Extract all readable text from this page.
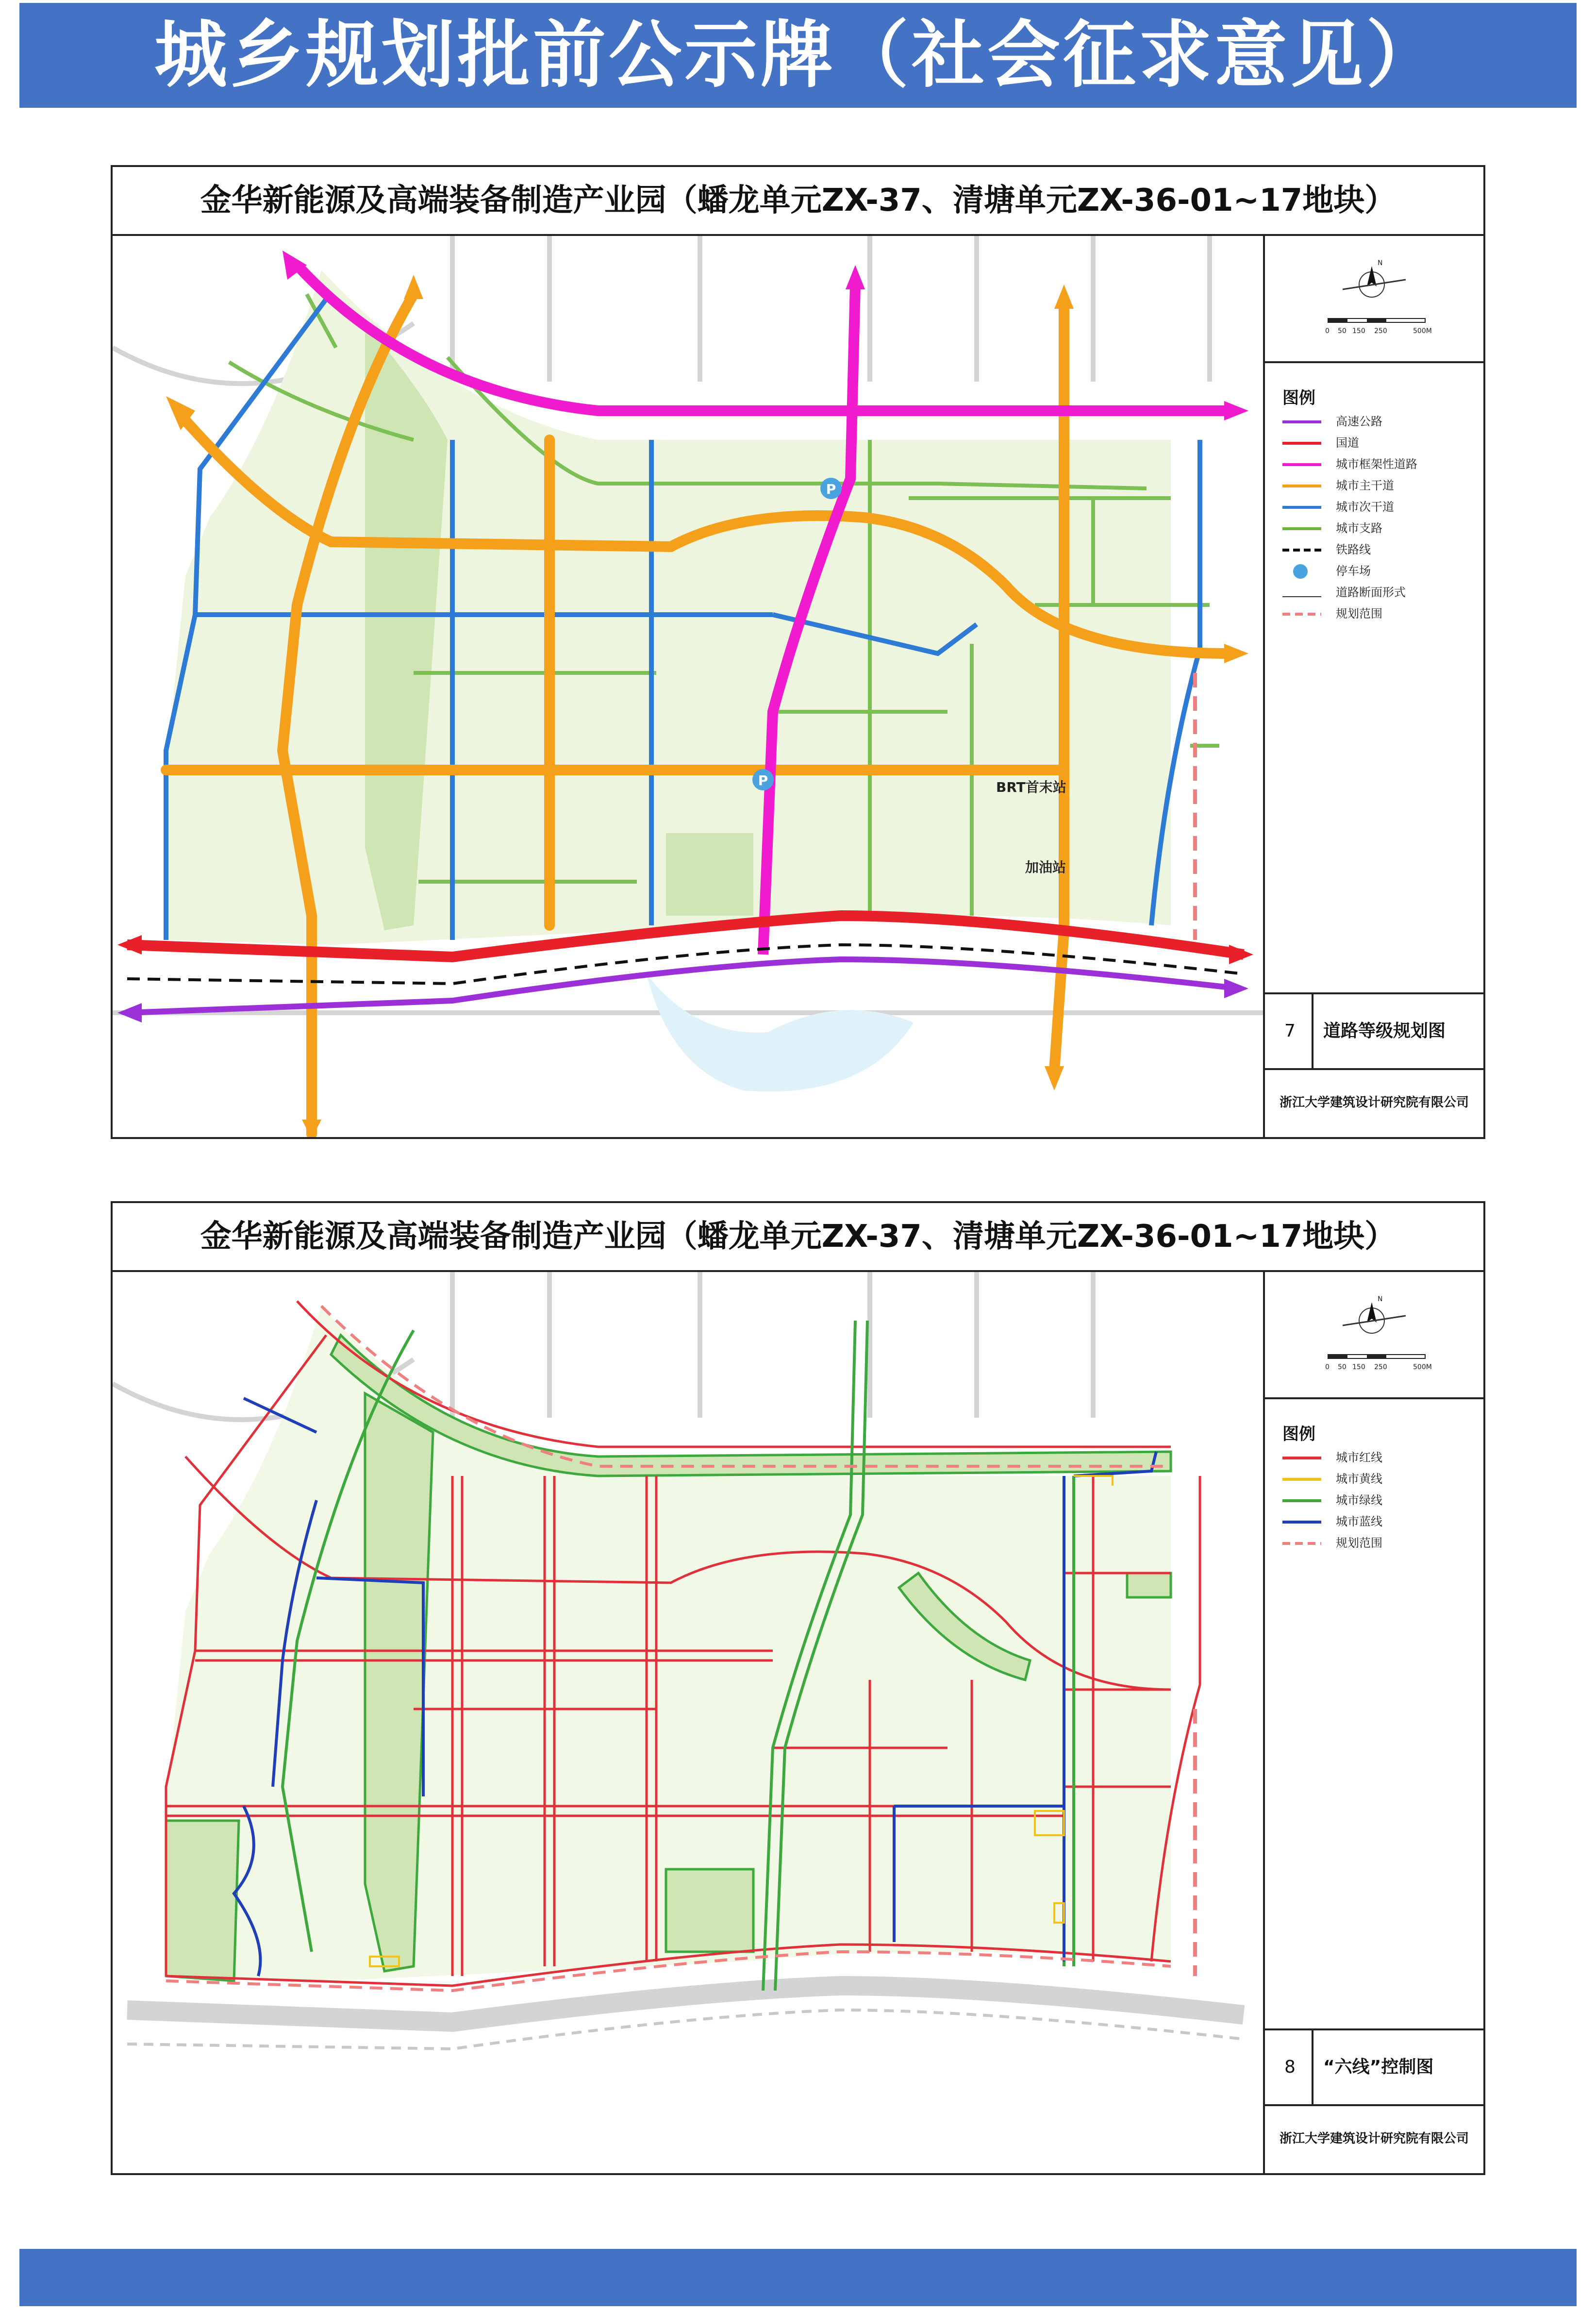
城乡规划批前公示牌（社会征求意见）
金华新能源及高端装备制造产业园（蟠龙单元ZX-37、清塘单元ZX-36-01~17地块）
P
P	BRT首末站
加油站
N
0 50 150 250	500M
图例
高速公路
国道
城市框架性道路
城市主干道
城市次干道
城市支路
铁路线
停车场
道路断面形式
规划范围
7 道路等级规划图
浙江大学建筑设计研究院有限公司
金华新能源及高端装备制造产业园（蟠龙单元ZX-37、清塘单元ZX-36-01~17地块）
N
0 50 150 250	500M
图例
城市红线
城市黄线
城市绿线
城市蓝线
规划范围
8 “六线”控制图
浙江大学建筑设计研究院有限公司
